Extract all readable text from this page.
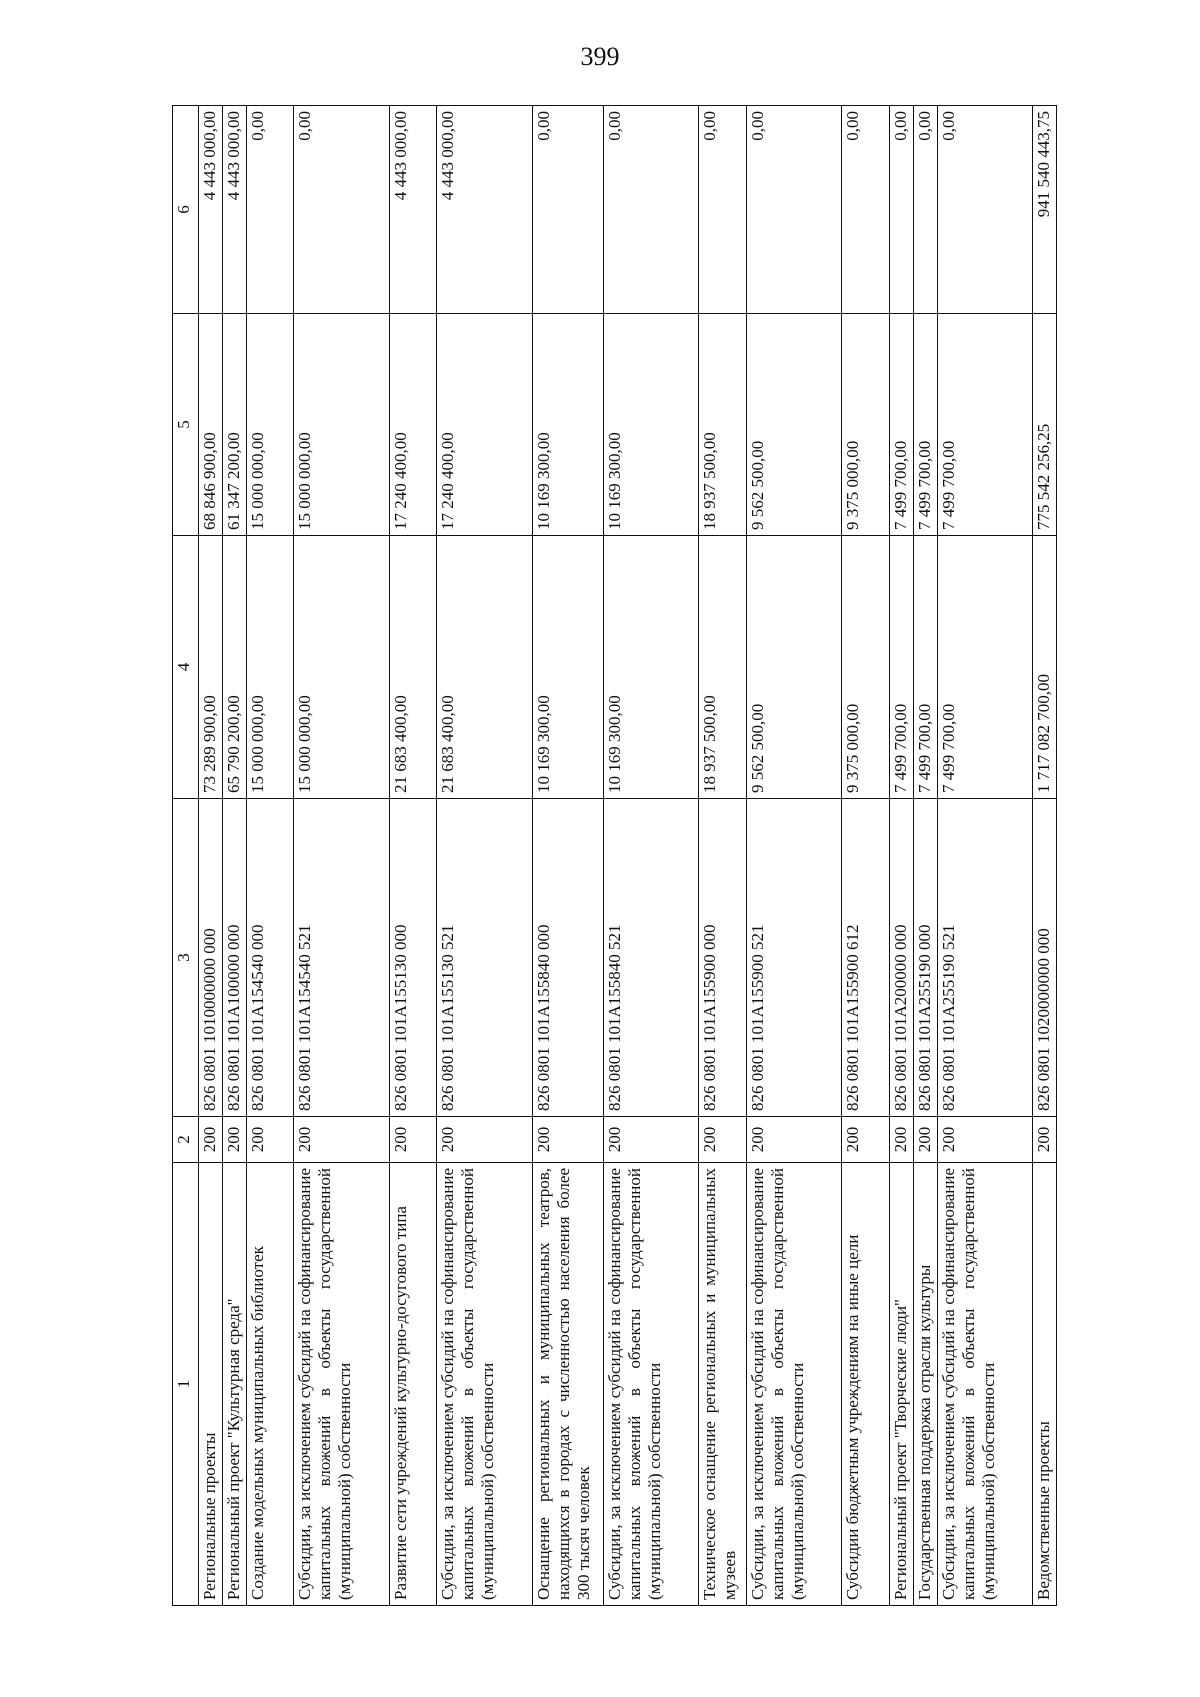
399
1	2	3	4	5	6
Региональные проекты	200	826 0801 1010000000 000	73 289 900,00	68 846 900,00	4 443 000,00
Региональный проект "Культурная среда"	200	826 0801 101А100000 000	65 790 200,00	61 347 200,00	4 443 000,00
Создание модельных муниципальных библиотек	200	826 0801 101А154540 000	15 000 000,00	15 000 000,00	0,00
Субсидии, за исключением субсидий на софинансирование капитальных вложений в объекты государственной (муниципальной) собственности	200	826 0801 101А154540 521	15 000 000,00	15 000 000,00	0,00
Развитие сети учреждений культурно-досугового типа	200	826 0801 101А155130 000	21 683 400,00	17 240 400,00	4 443 000,00
Субсидии, за исключением субсидий на софинансирование капитальных вложений в объекты государственной (муниципальной) собственности	200	826 0801 101А155130 521	21 683 400,00	17 240 400,00	4 443 000,00
Оснащение региональных и муниципальных театров, находящихся в городах с численностью населения более 300 тысяч человек	200	826 0801 101А155840 000	10 169 300,00	10 169 300,00	0,00
Субсидии, за исключением субсидий на софинансирование капитальных вложений в объекты государственной (муниципальной) собственности	200	826 0801 101А155840 521	10 169 300,00	10 169 300,00	0,00
Техническое оснащение региональных и муниципальных музеев	200	826 0801 101А155900 000	18 937 500,00	18 937 500,00	0,00
Субсидии, за исключением субсидий на софинансирование капитальных вложений в объекты государственной (муниципальной) собственности	200	826 0801 101А155900 521	9 562 500,00	9 562 500,00	0,00
Субсидии бюджетным учреждениям на иные цели	200	826 0801 101А155900 612	9 375 000,00	9 375 000,00	0,00
Региональный проект "Творческие люди"	200	826 0801 101А200000 000	7 499 700,00	7 499 700,00	0,00
Государственная поддержка отрасли культуры	200	826 0801 101А255190 000	7 499 700,00	7 499 700,00	0,00
Субсидии, за исключением субсидий на софинансирование капитальных вложений в объекты государственной (муниципальной) собственности	200	826 0801 101А255190 521	7 499 700,00	7 499 700,00	0,00
Ведомственные проекты	200	826 0801 1020000000 000	1 717 082 700,00	775 542 256,25	941 540 443,75
